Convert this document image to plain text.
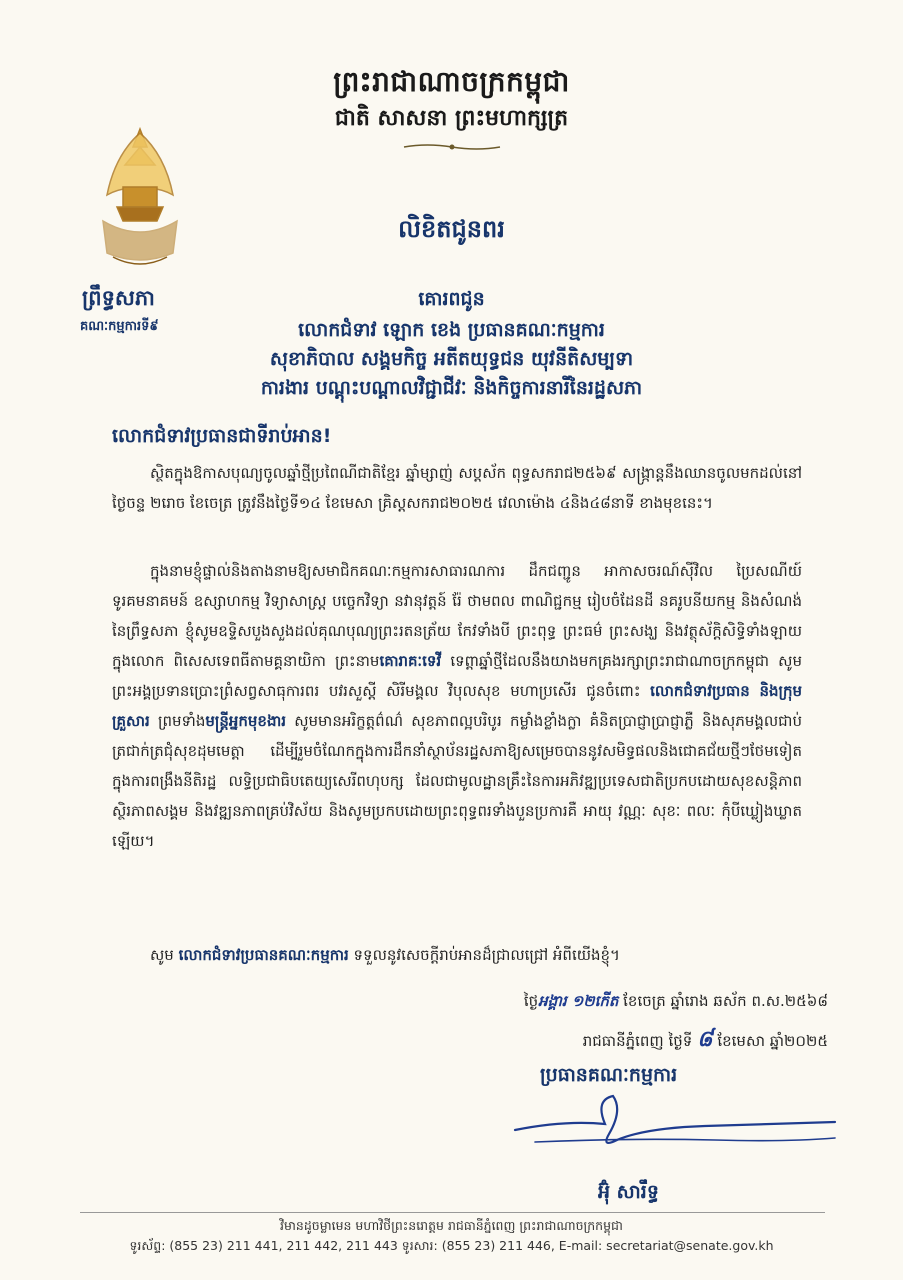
ព្រះរាជាណាចក្រកម្ពុជា
ជាតិ សាសនា ព្រះមហាក្សត្រ
ព្រឹទ្ធសភា
គណៈកម្មការទី៩
លិខិតជូនពរ
គោរពជូន
លោកជំទាវ ឡោក ខេង ប្រធានគណៈកម្មការ
សុខាភិបាល សង្គមកិច្ច អតីតយុទ្ធជន យុវនីតិសម្បទា
ការងារ បណ្តុះបណ្តាលវិជ្ជាជីវៈ និងកិច្ចការនារីនៃរដ្ឋសភា
លោកជំទាវប្រធានជាទីរាប់អាន!
ស្ថិតក្នុងឱកាសបុណ្យចូលឆ្នាំថ្មីប្រពៃណីជាតិខ្មែរ ឆ្នាំម្សាញ់ សប្តស័ក ពុទ្ធសករាជ២៥៦៩ សង្ក្រាន្តនឹងឈានចូលមកដល់នៅថ្ងៃចន្ទ ២រោច ខែចេត្រ ត្រូវនឹងថ្ងៃទី១៤ ខែមេសា គ្រិស្តសករាជ២០២៥ វេលាម៉ោង ៤និង៤៨នាទី ខាងមុខនេះ។
ក្នុងនាមខ្ញុំផ្ទាល់និងតាងនាមឱ្យសមាជិកគណៈកម្មការសាធារណការ ដឹកជញ្ជូន អាកាសចរណ៍ស៊ីវិល ប្រៃសណីយ៍ ទូរគមនាគមន៍ ឧស្សាហកម្ម វិទ្យាសាស្ត្រ បច្ចេកវិទ្យា នវានុវត្តន៍ រ៉ែ ថាមពល ពាណិជ្ជកម្ម រៀបចំដែនដី នគរូបនីយកម្ម និងសំណង់នៃព្រឹទ្ធសភា ខ្ញុំសូមឧទ្ទិសបួងសួងដល់គុណបុណ្យព្រះរតនត្រ័យ កែវទាំងបី ព្រះពុទ្ធ ព្រះធម៌ ព្រះសង្ឃ និងវត្ថុស័ក្តិសិទ្ធិទាំងឡាយក្នុងលោក ពិសេសទេពធីតាមគ្គនាយិកា ព្រះនាមគោរាគៈទេវី ទេព្តាឆ្នាំថ្មីដែលនឹងយាងមកគ្រងរក្សាព្រះរាជាណាចក្រកម្ពុជា សូមព្រះអង្គប្រទានប្រោះព្រំសព្វសាធុការពរ បវរសួស្តី សិរីមង្គល វិបុលសុខ មហាប្រសើរ ជូនចំពោះ លោកជំទាវប្រធាន និងក្រុមគ្រួសារ ព្រមទាំងមន្ត្រីអ្នកមុខងារ សូមមានអរិក្ខត្តព៌ណ៌ សុខភាពល្អបរិបូរ កម្លាំងខ្លាំងក្លា គំនិតប្រាជ្ញាប្រាជ្ញាភ្លឺ និងសុភមង្គលជាប់ត្រជាក់ត្រជុំសុខដុមមេត្តា ដើម្បីរួមចំណែកក្នុងការដឹកនាំស្ថាប័នរដ្ឋសភាឱ្យសម្រេចបាននូវសមិទ្ធផលនិងជោគជ័យថ្មីៗថែមទៀត ក្នុងការពង្រឹងនីតិរដ្ឋ លទ្ធិប្រជាធិបតេយ្យសេរីពហុបក្ស ដែលជាមូលដ្ឋានគ្រឹះនៃការអភិវឌ្ឍប្រទេសជាតិប្រកបដោយសុខសន្តិភាព ស្ថិរភាពសង្គម និងវឌ្ឍនភាពគ្រប់វិស័យ និងសូមប្រកបដោយព្រះពុទ្ធពរទាំងបួនប្រការគឺ អាយុ វណ្ណៈ សុខៈ ពលៈ កុំបីឃ្លៀងឃ្លាតឡើយ។
សូម លោកជំទាវប្រធានគណៈកម្មការ ទទួលនូវសេចក្តីរាប់អានដ៏ជ្រាលជ្រៅ អំពីយើងខ្ញុំ។
ថ្ងៃអង្គារ ១២កើត ខែចេត្រ ឆ្នាំរោង ឆស័ក ព.ស.២៥៦៨
រាជធានីភ្នំពេញ ថ្ងៃទី ៨ ខែមេសា ឆ្នាំ២០២៥
ប្រធានគណៈកម្មការ
អ៊ុំ សារឹទ្ធ
វិមានដូចម្លាមេន មហាវិថីព្រះនរោត្តម រាជធានីភ្នំពេញ ព្រះរាជាណាចក្រកម្ពុជា
ទូរស័ព្ទ: (855 23) 211 441, 211 442, 211 443 ទូរសារ: (855 23) 211 446, E-mail: secretariat@senate.gov.kh
